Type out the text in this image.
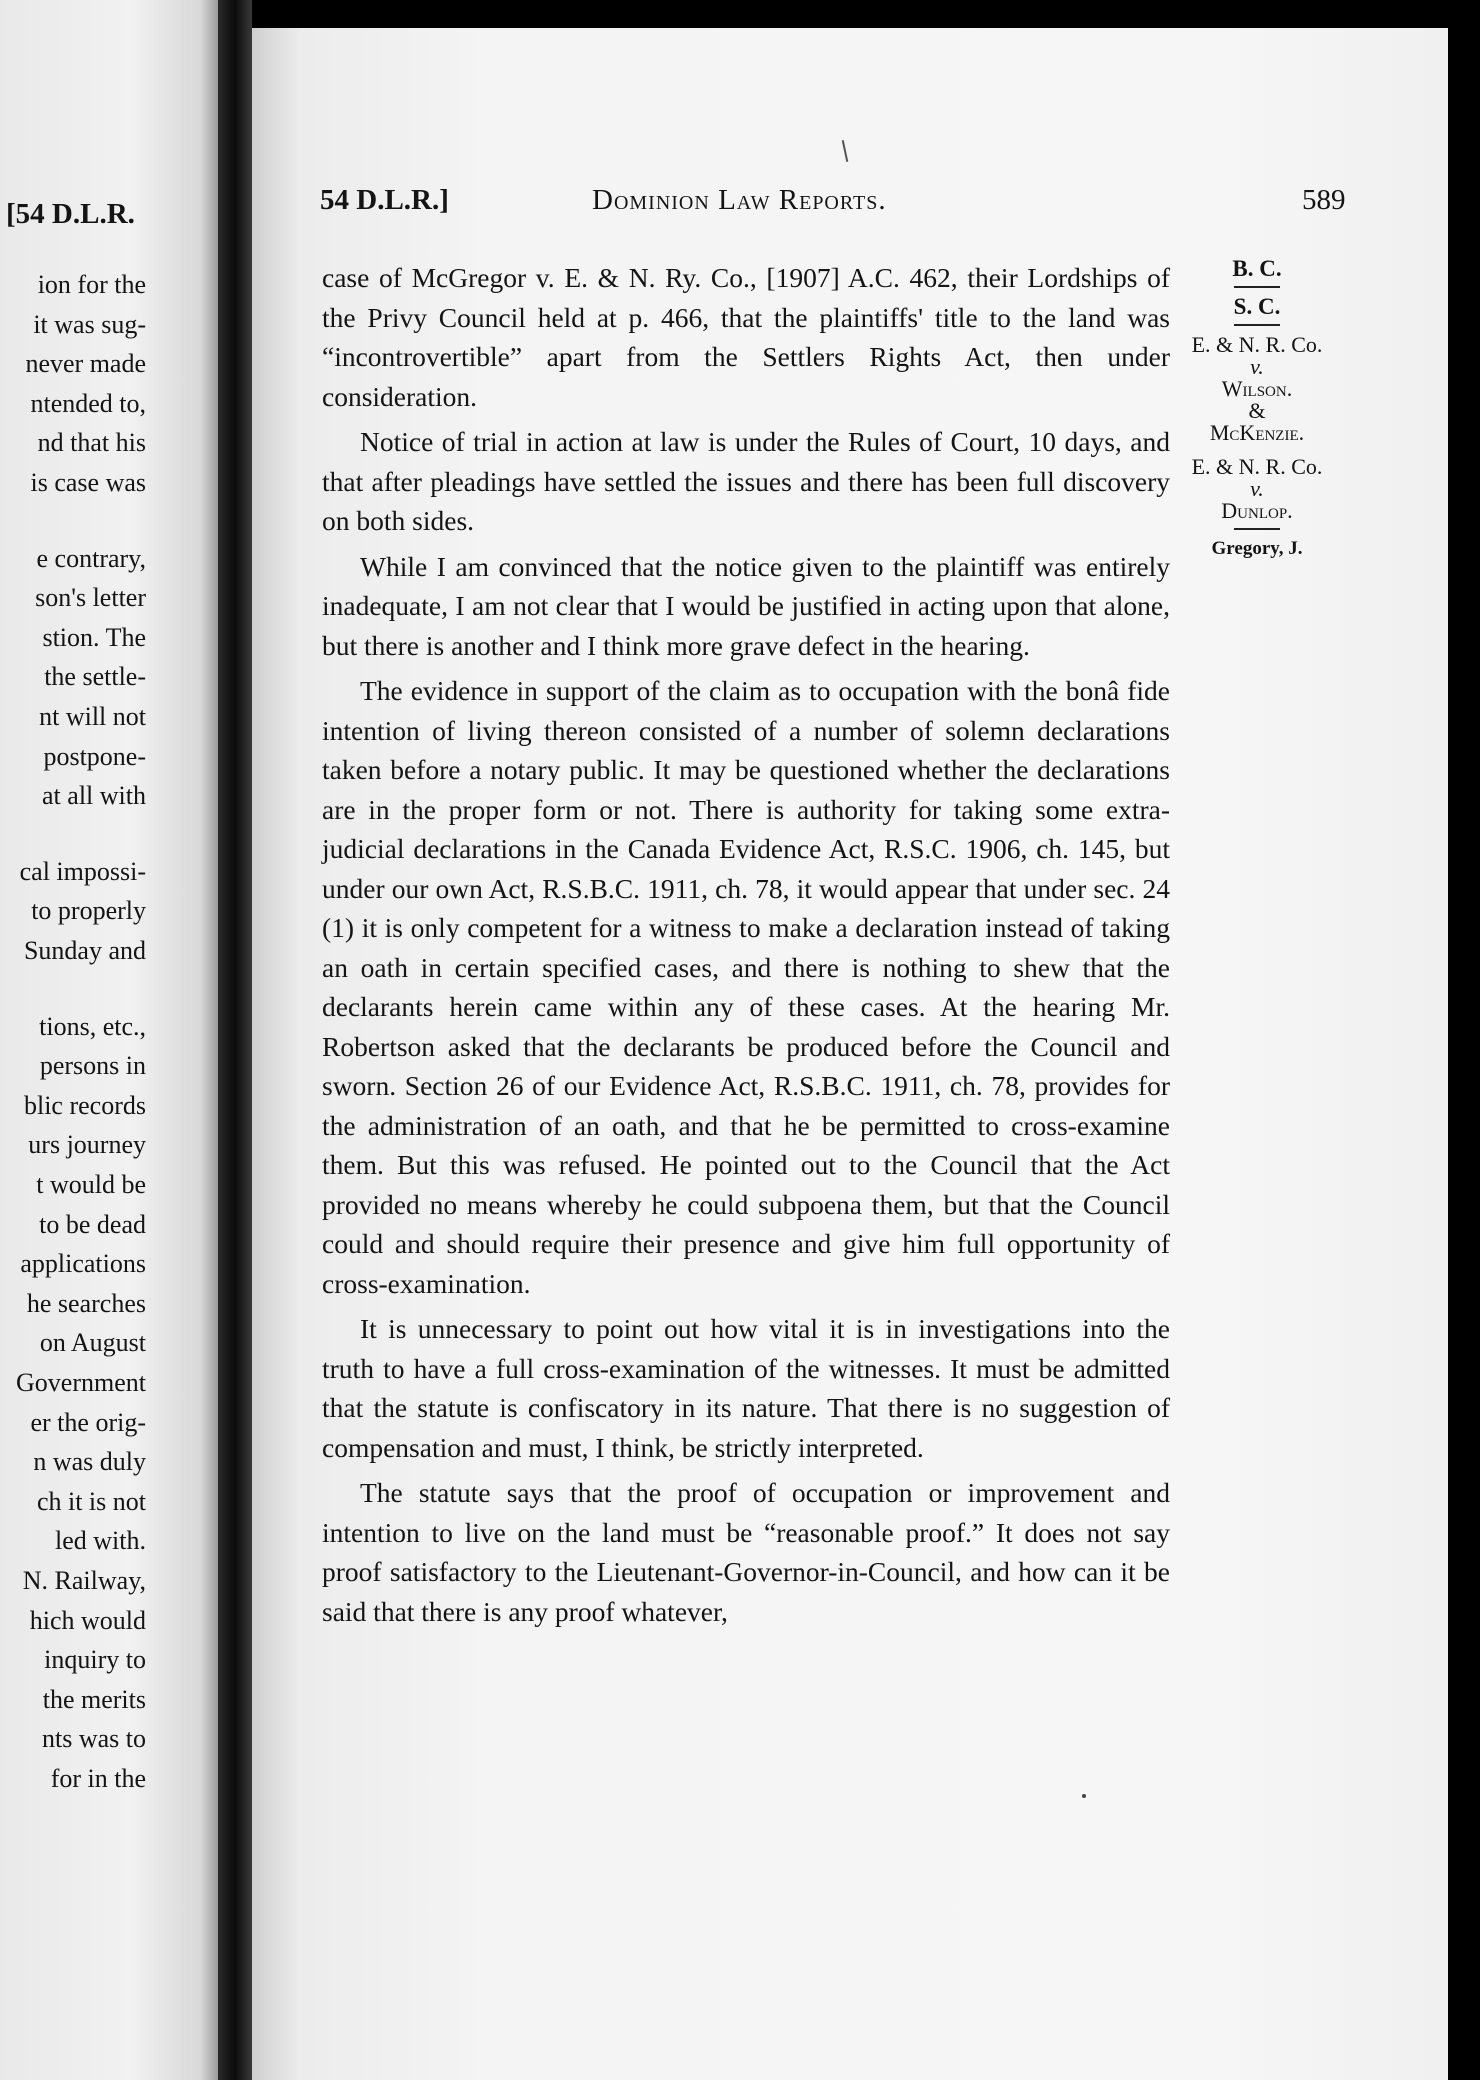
[54 D.L.R.
ion for the
it was sug-
never made
ntended to,
nd that his
is case was
e contrary,
son's letter
stion. The
the settle-
nt will not
postpone-
at all with
cal impossi-
to properly
Sunday and
tions, etc.,
persons in
blic records
urs journey
t would be
to be dead
applications
he searches
on August
Government
er the orig-
n was duly
ch it is not
led with.
N. Railway,
hich would
inquiry to
the merits
nts was to
for in the
54 D.L.R.]	Dominion Law Reports.	589

case of McGregor v. E. & N. Ry. Co., [1907] A.C. 462, their Lordships of the Privy Council held at p. 466, that the plaintiffs' title to the land was “incontrovertible” apart from the Settlers Rights Act, then under consideration.

Notice of trial in action at law is under the Rules of Court, 10 days, and that after pleadings have settled the issues and there has been full discovery on both sides.

While I am convinced that the notice given to the plaintiff was entirely inadequate, I am not clear that I would be justified in acting upon that alone, but there is another and I think more grave defect in the hearing.

The evidence in support of the claim as to occupation with the bonâ fide intention of living thereon consisted of a number of solemn declarations taken before a notary public. It may be questioned whether the declarations are in the proper form or not. There is authority for taking some extra-judicial declarations in the Canada Evidence Act, R.S.C. 1906, ch. 145, but under our own Act, R.S.B.C. 1911, ch. 78, it would appear that under sec. 24 (1) it is only competent for a witness to make a declaration instead of taking an oath in certain specified cases, and there is nothing to shew that the declarants herein came within any of these cases. At the hearing Mr. Robertson asked that the declarants be produced before the Council and sworn. Section 26 of our Evidence Act, R.S.B.C. 1911, ch. 78, provides for the administration of an oath, and that he be permitted to cross-examine them. But this was refused. He pointed out to the Council that the Act provided no means whereby he could subpoena them, but that the Council could and should require their presence and give him full opportunity of cross-examination.

It is unnecessary to point out how vital it is in investigations into the truth to have a full cross-examination of the witnesses. It must be admitted that the statute is confiscatory in its nature. That there is no suggestion of compensation and must, I think, be strictly interpreted.

The statute says that the proof of occupation or improvement and intention to live on the land must be “reasonable proof.” It does not say proof satisfactory to the Lieutenant-Governor-in-Council, and how can it be said that there is any proof whatever,

B. C.
S. C.
E. & N. R. Co.
v.
Wilson.
&
McKenzie.
E. & N. R. Co.
v.
Dunlop.
Gregory, J.
